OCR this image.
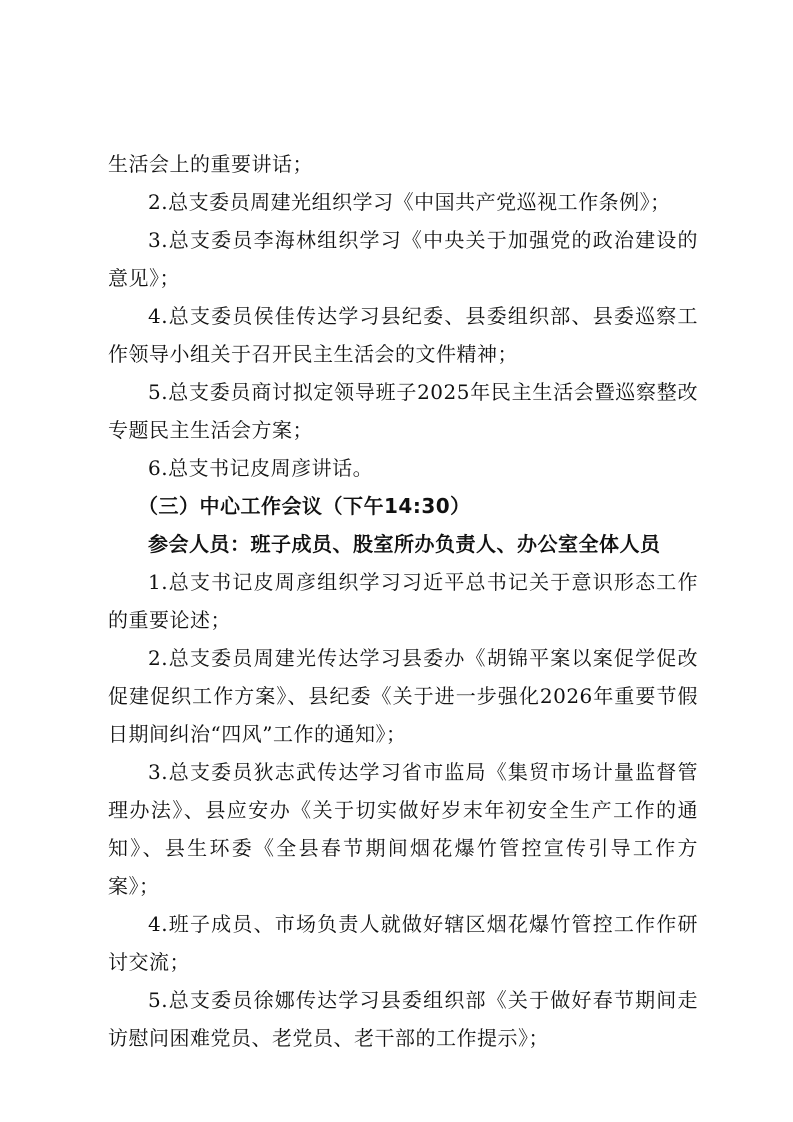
生活会上的重要讲话；

2.总支委员周建光组织学习《中国共产党巡视工作条例》；

3.总支委员李海林组织学习《中央关于加强党的政治建设的意见》；

4.总支委员侯佳传达学习县纪委、县委组织部、县委巡察工作领导小组关于召开民主生活会的文件精神；

5.总支委员商讨拟定领导班子2025年民主生活会暨巡察整改专题民主生活会方案；

6.总支书记皮周彦讲话。

（三）中心工作会议（下午14:30）

参会人员：班子成员、股室所办负责人、办公室全体人员

1.总支书记皮周彦组织学习习近平总书记关于意识形态工作的重要论述；

2.总支委员周建光传达学习县委办《胡锦平案以案促学促改促建促织工作方案》、县纪委《关于进一步强化2026年重要节假日期间纠治“四风”工作的通知》；

3.总支委员狄志武传达学习省市监局《集贸市场计量监督管理办法》、县应安办《关于切实做好岁末年初安全生产工作的通知》、县生环委《全县春节期间烟花爆竹管控宣传引导工作方案》；

4.班子成员、市场负责人就做好辖区烟花爆竹管控工作作研讨交流；

5.总支委员徐娜传达学习县委组织部《关于做好春节期间走访慰问困难党员、老党员、老干部的工作提示》；
